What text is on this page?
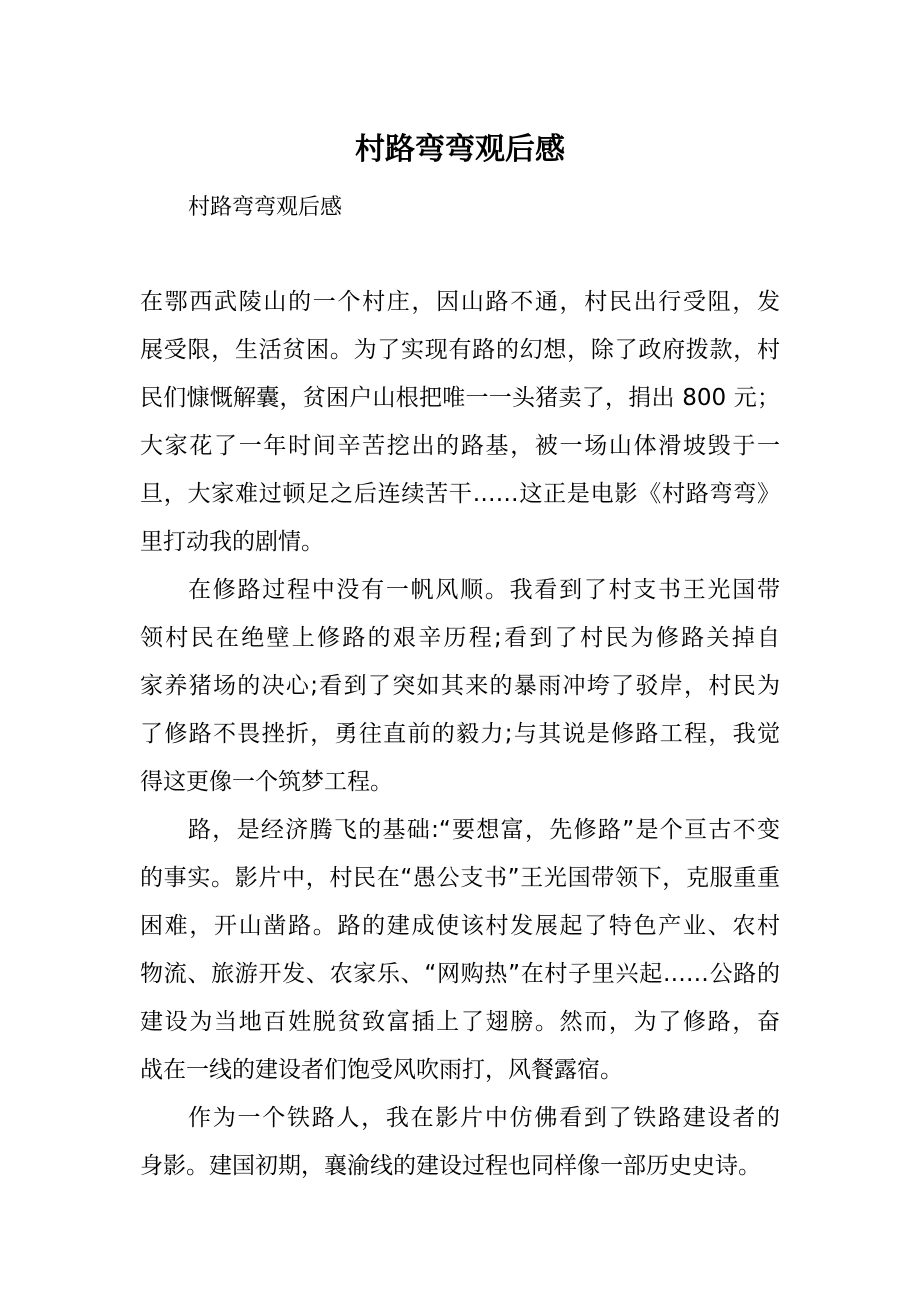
村路弯弯观后感
村路弯弯观后感
在鄂西武陵山的一个村庄，因山路不通，村民出行受阻，发
展受限，生活贫困。为了实现有路的幻想，除了政府拨款，村
民们慷慨解囊，贫困户山根把唯一一头猪卖了，捐出 800 元；
大家花了一年时间辛苦挖出的路基，被一场山体滑坡毁于一
旦，大家难过顿足之后连续苦干……这正是电影《村路弯弯》
里打动我的剧情。
在修路过程中没有一帆风顺。我看到了村支书王光国带
领村民在绝壁上修路的艰辛历程;看到了村民为修路关掉自
家养猪场的决心;看到了突如其来的暴雨冲垮了驳岸，村民为
了修路不畏挫折，勇往直前的毅力;与其说是修路工程，我觉
得这更像一个筑梦工程。
路，是经济腾飞的基础:“要想富，先修路”是个亘古不变
的事实。影片中，村民在“愚公支书”王光国带领下，克服重重
困难，开山凿路。路的建成使该村发展起了特色产业、农村
物流、旅游开发、农家乐、“网购热”在村子里兴起……公路的
建设为当地百姓脱贫致富插上了翅膀。然而，为了修路，奋
战在一线的建设者们饱受风吹雨打，风餐露宿。
作为一个铁路人，我在影片中仿佛看到了铁路建设者的
身影。建国初期，襄渝线的建设过程也同样像一部历史史诗。
